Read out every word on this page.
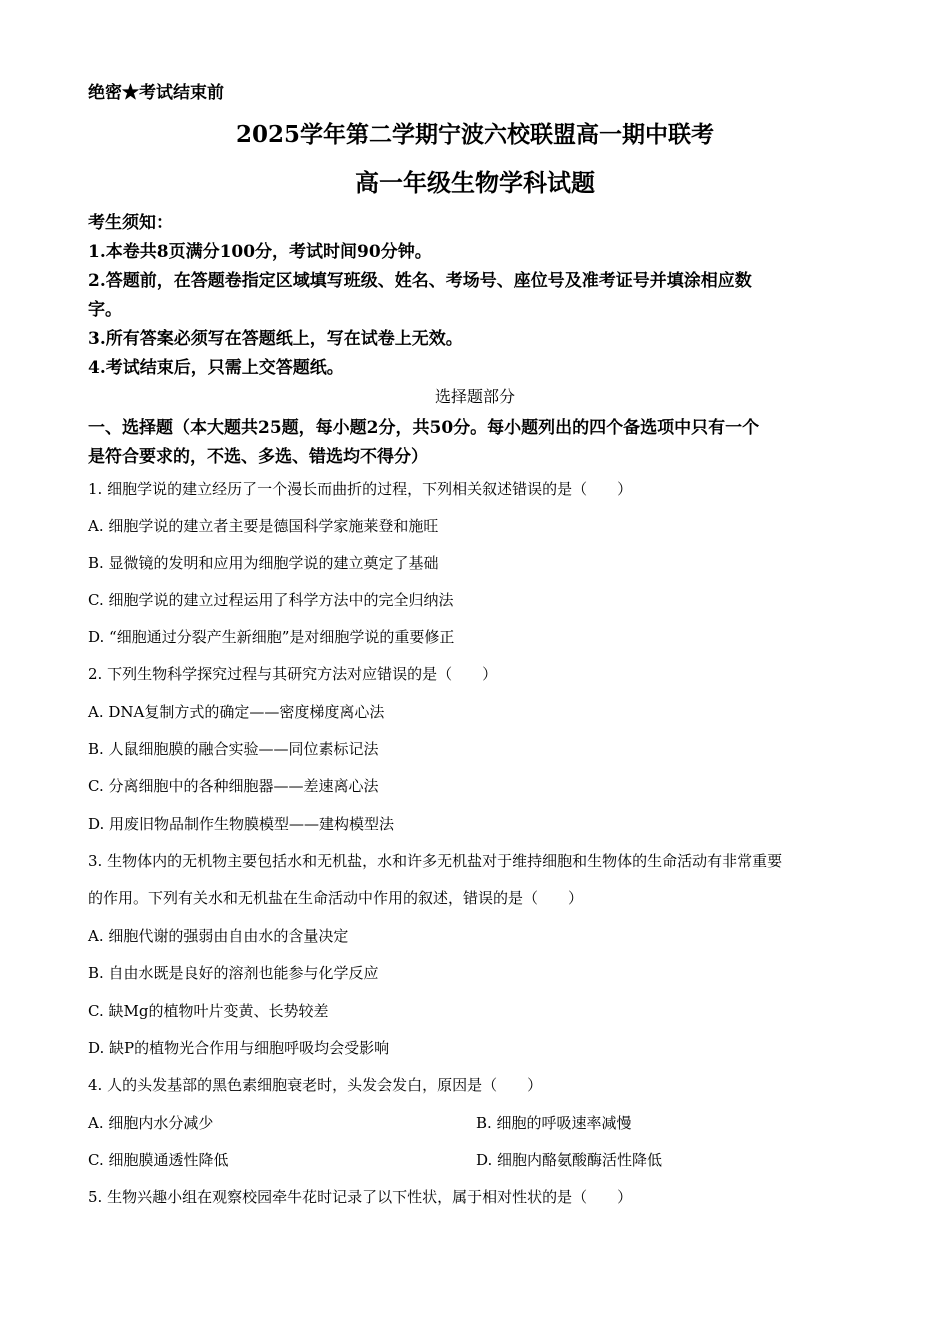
绝密★考试结束前
2025学年第二学期宁波六校联盟高一期中联考
高一年级生物学科试题
考生须知：
1.本卷共8页满分100分，考试时间90分钟。
2.答题前，在答题卷指定区域填写班级、姓名、考场号、座位号及准考证号并填涂相应数
字。
3.所有答案必须写在答题纸上，写在试卷上无效。
4.考试结束后，只需上交答题纸。
选择题部分
一、选择题（本大题共25题，每小题2分，共50分。每小题列出的四个备选项中只有一个
是符合要求的，不选、多选、错选均不得分）
1. 细胞学说的建立经历了一个漫长而曲折的过程，下列相关叙述错误的是（　　）
A. 细胞学说的建立者主要是德国科学家施莱登和施旺
B. 显微镜的发明和应用为细胞学说的建立奠定了基础
C. 细胞学说的建立过程运用了科学方法中的完全归纳法
D. “细胞通过分裂产生新细胞”是对细胞学说的重要修正
2. 下列生物科学探究过程与其研究方法对应错误的是（　　）
A. DNA复制方式的确定——密度梯度离心法
B. 人鼠细胞膜的融合实验——同位素标记法
C. 分离细胞中的各种细胞器——差速离心法
D. 用废旧物品制作生物膜模型——建构模型法
3. 生物体内的无机物主要包括水和无机盐，水和许多无机盐对于维持细胞和生物体的生命活动有非常重要
的作用。下列有关水和无机盐在生命活动中作用的叙述，错误的是（　　）
A. 细胞代谢的强弱由自由水的含量决定
B. 自由水既是良好的溶剂也能参与化学反应
C. 缺Mg的植物叶片变黄、长势较差
D. 缺P的植物光合作用与细胞呼吸均会受影响
4. 人的头发基部的黑色素细胞衰老时，头发会发白，原因是（　　）
A. 细胞内水分减少	B. 细胞的呼吸速率减慢
C. 细胞膜通透性降低	D. 细胞内酪氨酸酶活性降低
5. 生物兴趣小组在观察校园牵牛花时记录了以下性状，属于相对性状的是（　　）
